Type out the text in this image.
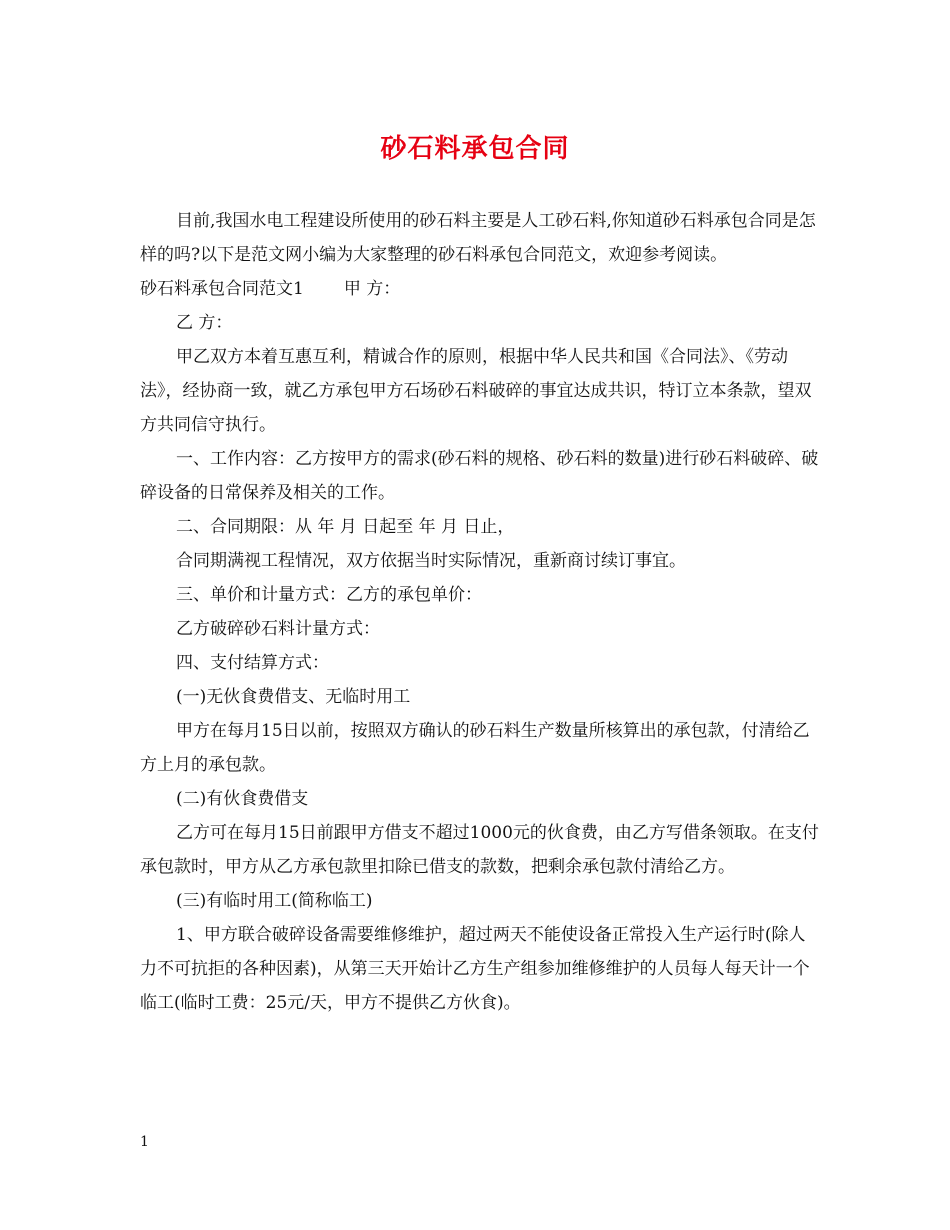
砂石料承包合同

目前,我国水电工程建设所使用的砂石料主要是人工砂石料,你知道砂石料承包合同是怎样的吗?以下是范文网小编为大家整理的砂石料承包合同范文，欢迎参考阅读。

砂石料承包合同范文1 甲 方：

乙 方：

甲乙双方本着互惠互利，精诚合作的原则，根据中华人民共和国《合同法》、《劳动法》，经协商一致，就乙方承包甲方石场砂石料破碎的事宜达成共识，特订立本条款，望双方共同信守执行。

一、工作内容：乙方按甲方的需求(砂石料的规格、砂石料的数量)进行砂石料破碎、破碎设备的日常保养及相关的工作。

二、合同期限：从 年 月 日起至 年 月 日止，

合同期满视工程情况，双方依据当时实际情况，重新商讨续订事宜。

三、单价和计量方式：乙方的承包单价：

乙方破碎砂石料计量方式：

四、支付结算方式：

(一)无伙食费借支、无临时用工

甲方在每月15日以前，按照双方确认的砂石料生产数量所核算出的承包款，付清给乙方上月的承包款。

(二)有伙食费借支

乙方可在每月15日前跟甲方借支不超过1000元的伙食费，由乙方写借条领取。在支付承包款时，甲方从乙方承包款里扣除已借支的款数，把剩余承包款付清给乙方。

(三)有临时用工(简称临工)

1、甲方联合破碎设备需要维修维护，超过两天不能使设备正常投入生产运行时(除人力不可抗拒的各种因素)，从第三天开始计乙方生产组参加维修维护的人员每人每天计一个临工(临时工费：25元/天，甲方不提供乙方伙食)。

1
